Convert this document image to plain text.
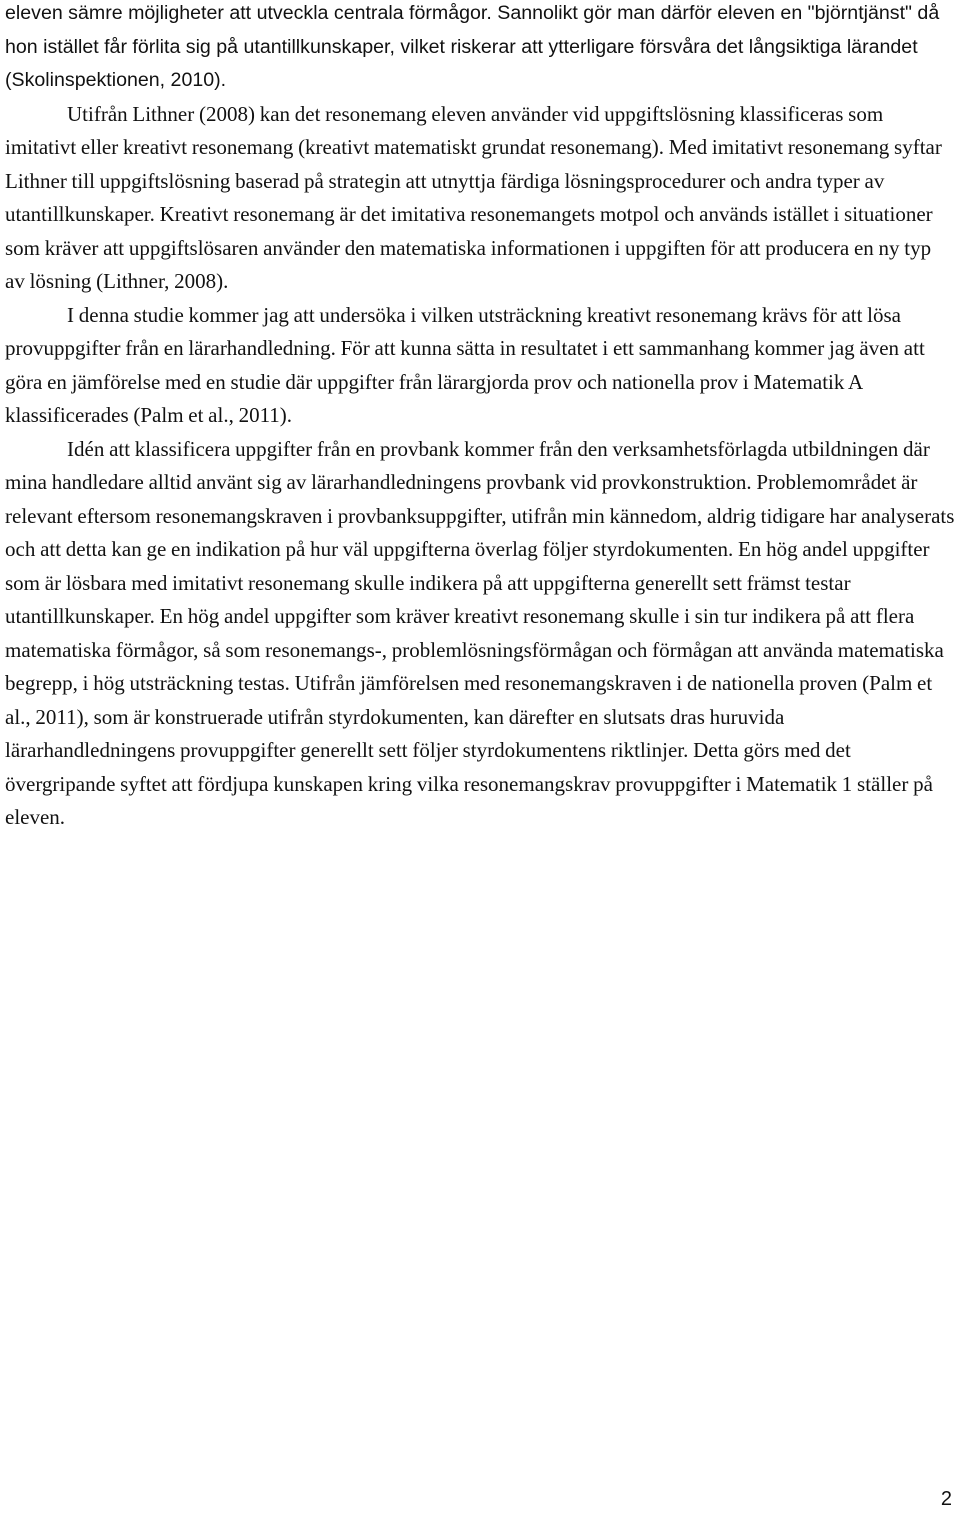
eleven sämre möjligheter att utveckla centrala förmågor. Sannolikt gör man därför eleven en "björntjänst" då hon istället får förlita sig på utantillkunskaper, vilket riskerar att ytterligare försvåra det långsiktiga lärandet (Skolinspektionen, 2010).

Utifrån Lithner (2008) kan det resonemang eleven använder vid uppgiftslösning klassificeras som imitativt eller kreativt resonemang (kreativt matematiskt grundat resonemang). Med imitativt resonemang syftar Lithner till uppgiftslösning baserad på strategin att utnyttja färdiga lösningsprocedurer och andra typer av utantillkunskaper. Kreativt resonemang är det imitativa resonemangets motpol och används istället i situationer som kräver att uppgiftslösaren använder den matematiska informationen i uppgiften för att producera en ny typ av lösning (Lithner, 2008).

I denna studie kommer jag att undersöka i vilken utsträckning kreativt resonemang krävs för att lösa provuppgifter från en lärarhandledning. För att kunna sätta in resultatet i ett sammanhang kommer jag även att göra en jämförelse med en studie där uppgifter från lärargjorda prov och nationella prov i Matematik A klassificerades (Palm et al., 2011).

Idén att klassificera uppgifter från en provbank kommer från den verksamhetsförlagda utbildningen där mina handledare alltid använt sig av lärarhandledningens provbank vid provkonstruktion. Problemområdet är relevant eftersom resonemangskraven i provbanksuppgifter, utifrån min kännedom, aldrig tidigare har analyserats och att detta kan ge en indikation på hur väl uppgifterna överlag följer styrdokumenten. En hög andel uppgifter som är lösbara med imitativt resonemang skulle indikera på att uppgifterna generellt sett främst testar utantillkunskaper. En hög andel uppgifter som kräver kreativt resonemang skulle i sin tur indikera på att flera matematiska förmågor, så som resonemangs-, problemlösningsförmågan och förmågan att använda matematiska begrepp, i hög utsträckning testas. Utifrån jämförelsen med resonemangskraven i de nationella proven (Palm et al., 2011), som är konstruerade utifrån styrdokumenten, kan därefter en slutsats dras huruvida lärarhandledningens provuppgifter generellt sett följer styrdokumentens riktlinjer. Detta görs med det övergripande syftet att fördjupa kunskapen kring vilka resonemangskrav provuppgifter i Matematik 1 ställer på eleven.

2
